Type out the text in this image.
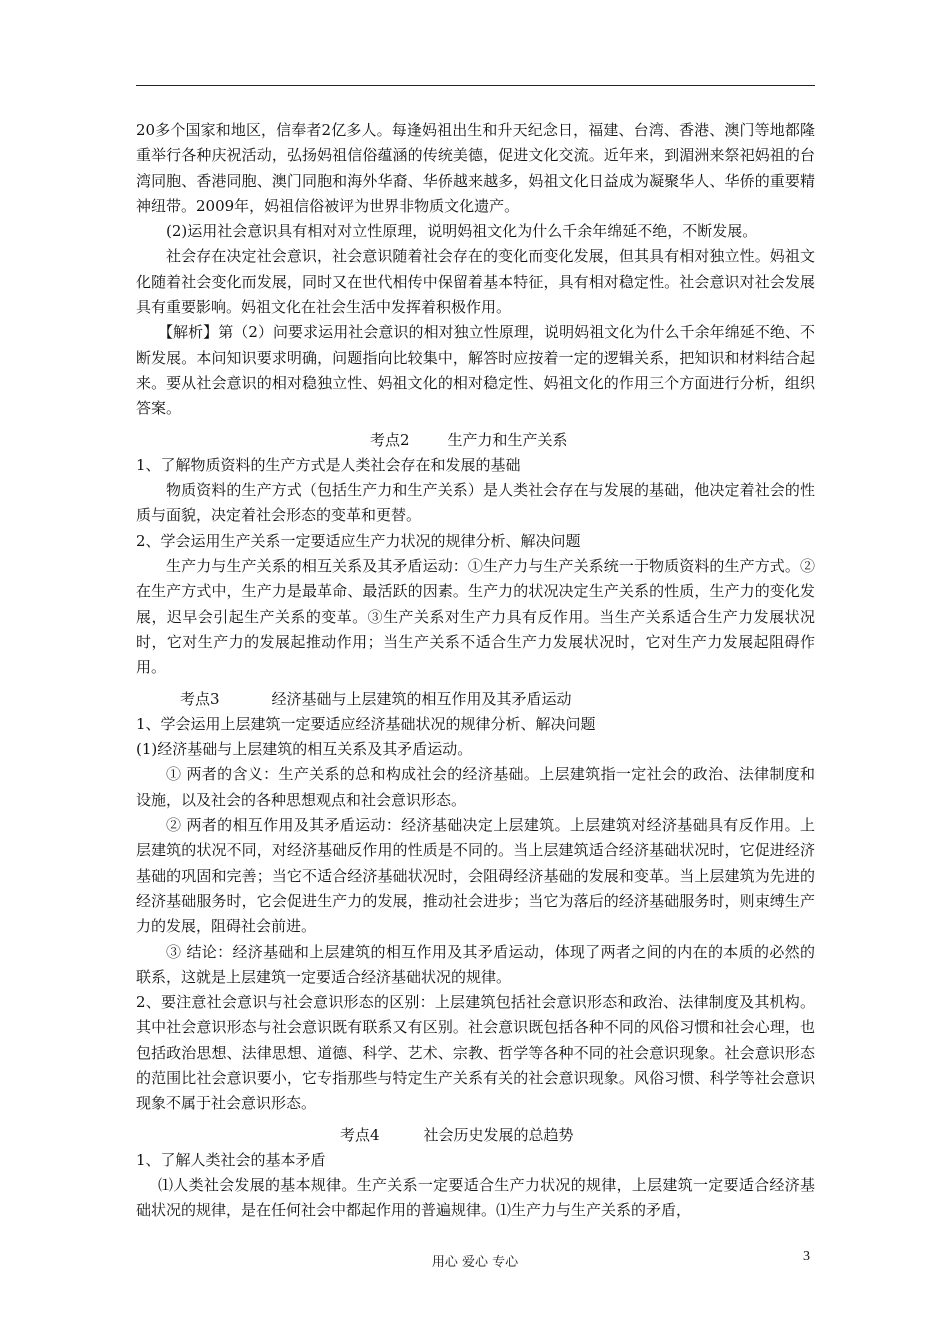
20多个国家和地区，信奉者2亿多人。每逢妈祖出生和升天纪念日，福建、台湾、香港、澳门等地都隆重举行各种庆祝活动，弘扬妈祖信俗蕴涵的传统美德，促进文化交流。近年来，到湄洲来祭祀妈祖的台湾同胞、香港同胞、澳门同胞和海外华裔、华侨越来越多，妈祖文化日益成为凝聚华人、华侨的重要精神纽带。2009年，妈祖信俗被评为世界非物质文化遗产。

(2)运用社会意识具有相对对立性原理，说明妈祖文化为什么千余年绵延不绝，不断发展。

社会存在决定社会意识，社会意识随着社会存在的变化而变化发展，但其具有相对独立性。妈祖文化随着社会变化而发展，同时又在世代相传中保留着基本特征，具有相对稳定性。社会意识对社会发展具有重要影响。妈祖文化在社会生活中发挥着积极作用。

【解析】第（2）问要求运用社会意识的相对独立性原理，说明妈祖文化为什么千余年绵延不绝、不断发展。本问知识要求明确，问题指向比较集中，解答时应按着一定的逻辑关系，把知识和材料结合起来。要从社会意识的相对稳独立性、妈祖文化的相对稳定性、妈祖文化的作用三个方面进行分析，组织答案。

考点2	生产力和生产关系

1、了解物质资料的生产方式是人类社会存在和发展的基础

物质资料的生产方式（包括生产力和生产关系）是人类社会存在与发展的基础，他决定着社会的性质与面貌，决定着社会形态的变革和更替。

2、学会运用生产关系一定要适应生产力状况的规律分析、解决问题

生产力与生产关系的相互关系及其矛盾运动：①生产力与生产关系统一于物质资料的生产方式。②在生产方式中，生产力是最革命、最活跃的因素。生产力的状况决定生产关系的性质，生产力的变化发展，迟早会引起生产关系的变革。③生产关系对生产力具有反作用。当生产关系适合生产力发展状况时，它对生产力的发展起推动作用；当生产关系不适合生产力发展状况时，它对生产力发展起阻碍作用。

考点3	经济基础与上层建筑的相互作用及其矛盾运动

1、学会运用上层建筑一定要适应经济基础状况的规律分析、解决问题

(1)经济基础与上层建筑的相互关系及其矛盾运动。

① 两者的含义：生产关系的总和构成社会的经济基础。上层建筑指一定社会的政治、法律制度和设施，以及社会的各种思想观点和社会意识形态。

② 两者的相互作用及其矛盾运动：经济基础决定上层建筑。上层建筑对经济基础具有反作用。上层建筑的状况不同，对经济基础反作用的性质是不同的。当上层建筑适合经济基础状况时，它促进经济基础的巩固和完善；当它不适合经济基础状况时，会阻碍经济基础的发展和变革。当上层建筑为先进的经济基础服务时，它会促进生产力的发展，推动社会进步；当它为落后的经济基础服务时，则束缚生产力的发展，阻碍社会前进。

③ 结论：经济基础和上层建筑的相互作用及其矛盾运动，体现了两者之间的内在的本质的必然的联系，这就是上层建筑一定要适合经济基础状况的规律。

2、要注意社会意识与社会意识形态的区别：上层建筑包括社会意识形态和政治、法律制度及其机构。其中社会意识形态与社会意识既有联系又有区别。社会意识既包括各种不同的风俗习惯和社会心理，也包括政治思想、法律思想、道德、科学、艺术、宗教、哲学等各种不同的社会意识现象。社会意识形态的范围比社会意识要小，它专指那些与特定生产关系有关的社会意识现象。风俗习惯、科学等社会意识现象不属于社会意识形态。

考点4	社会历史发展的总趋势

1、了解人类社会的基本矛盾

⑴人类社会发展的基本规律。生产关系一定要适合生产力状况的规律，上层建筑一定要适合经济基础状况的规律，是在任何社会中都起作用的普遍规律。⑴生产力与生产关系的矛盾，

用心 爱心 专心	3
